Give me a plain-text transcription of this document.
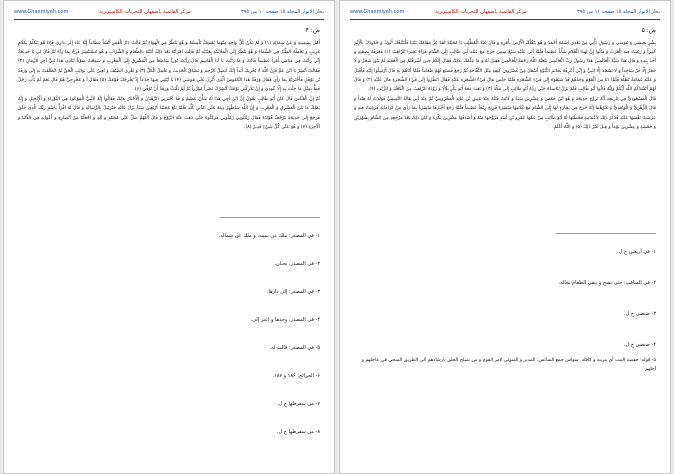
www.Ghaemiyeh.com	مركز القائمية باصفهان للتحريات الكامپيوترية	بحار الانوار المجلد ١٥ صفحة ١٠ من ٣٩٥
ص: ۴

أَمْلَ بِمِيمِينِهِ وَ عَنْ شِمَالِهِ (١) وَ لَمْ يَكُنْ كُلٌّ وَاحِدٍ مِنْهُمَا يُمْسِكُ يُلْمِسُهُ وَ هُوَ يَنْظُرُ فِي الْهَوَاءِ ثُمَّ قَالَتْ دَارُ الْقَمَرِ أَنْشَأَ عِظَاماً إِنَّهُ عَادَ إِلَى دَارِي فَإِذَا هُوَ يَتَكَلَّمُ بِكَلَامٍ غَرِيبٍ وَ يَحْمِلُهُ الطَّيْرُ فِي السَّمَاءِ وَ هُوَ يَنْظُرُ إِلَى الْمَلَائِكَةِ بِعَيْنَيْهِ ثُمَّ قَالَتِ امْرَأَتُهُ بَعْدَ ذَلِكَ أَتَيْتُهُ بِالطَّعَامِ وَ الشَّرَابِ وَ هُوَ مُسْتَبْشِرٌ فَرِحٌ بِمَا رَآهُ ثُمَّ قَالَ لِي يَا خَدِيجَةُ إِنِّي رَأَيْتُ فِي مَنَامِي أَمْراً عَظِيماً قَالَتْ وَ مَا رَأَيْتَ يَا أَبَا الْقَاسِمِ قَالَ رَأَيْتُ نُوراً سَاطِعاً مِنَ الْمَشْرِقِ إِلَى الْمَغْرِبِ وَ سَمِعْتُ صَوْتاً يُنَادِي هَذَا نَبِيُّ آخِرِ الزَّمَانِ (٢) فَقَالَتْ أَبْشِرْ يَا ابْنَ عَمِّ فَإِنَّ اللَّهَ لَا يُخْزِيكَ أَبَداً إِنَّكَ لَتَصِلُ الرَّحِمَ وَ تَصْدُقُ الْحَدِيثَ وَ تَحْمِلُ الْكَلَّ (٣) وَ تَقْرِي الضَّيْفَ وَ تُعِينُ عَلَى نَوَائِبِ الْحَقِّ ثُمَّ انْطَلَقَتْ بِهِ إِلَى وَرَقَةَ بْنِ نَوْفَلٍ فَأَخْبَرَتْهُ بِمَا رَأَى فَقَالَ وَرَقَةُ هَذَا النَّامُوسُ الَّذِي أُنْزِلَ عَلَى مُوسَى (۴) يَا لَيْتَنِي فِيهَا جَذَعاً إِذْ يُخْرِجُكَ قَوْمُكَ (۵) فَقَالَ أَ وَ مُخْرِجِيَّ هُمْ قَالَ نَعَمْ لَمْ يَأْتِ رَجُلٌ قَطُّ بِمِثْلِ مَا جِئْتَ بِهِ إِلَّا عُودِيَ وَ إِنْ يُدْرِكْنِي يَوْمُكَ أَنْصُرْكَ نَصْراً مُؤَزَّراً ثُمَّ لَمْ يَلْبَثْ وَرَقَةُ أَنْ تُوُفِّيَ (۶).

ثُمَّ إِنَّ الْعَبَّاسَ قَالَ كَانَ أَبُو طَالِبٍ يَقُولُ إِنَّ ابْنَ أَخِي هَذَا لَهُ شَأْنٌ عَظِيمٌ وَ قَدْ أَخْبَرَنِي الرُّهْبَانُ وَ الْأَحْبَارُ بِذَلِكَ فَقَالُوا إِنَّهُ النَّبِيُّ الْمَوْعُودُ فِي التَّوْرَاةِ وَ الْإِنْجِيلِ وَ إِنَّهُ يَمْلِكُ مَا بَيْنَ الْمَشْرِقِ وَ الْمَغْرِبِ وَ إِنَّ اللَّهَ سَيُظْهِرُ دِينَهُ عَلَى الدِّينِ كُلِّهِ فَلَمَّا بَلَغَ مُحَمَّدٌ أَرْبَعِينَ سَنَةً نَزَلَ عَلَيْهِ جَبْرَئِيلُ بِالرِّسَالَةِ وَ قَالَ لَهُ اقْرَأْ بِاسْمِ رَبِّكَ الَّذِي خَلَقَ فَرَجَعَ إِلَى خَدِيجَةَ يَرْجُفُ فُؤَادُهُ فَقَالَ زَمِّلُونِي زَمِّلُونِي فَزَمَّلُوهُ حَتَّى ذَهَبَ عَنْهُ الرَّوْعُ وَ قَالَ اللَّهُمَّ صَلِّ عَلَى مُحَمَّدٍ وَ آلِهِ وَ اجْعَلْنَا مِنْ أَنْصَارِهِ وَ أَعْوَانِهِ فِي الدُّنْيَا وَ الْآخِرَةِ (٧) وَ هُوَ عَلَى كُلِّ شَيْءٍ قَدِيرٌ (٨).

١- في المصدر: ملك عن يمينه، و ملك عن شماله.

٢- في المصدر: يحنان.

٣- في المصدر: إلى دارها.

۴- في المصدر: وجدها و اعتز إلى.

۵- في المصدر: قالت له.

۶- الخرائج: ١٨۶ و ١٨٧.

٧- من سقرطها خ ل.

٨- من سفرطها خ ل.

www.Ghaemiyeh.com	مركز القائمية باصفهان للتحريات الكامپيوترية	بحار الانوار المجلد ١٥ صفحة ١١ من ٣٩٥
ص: ۵

بِشْرٍ بِعِيسَى وَ مُوسَى وَ رَسُولٍ يَأْتِي مِنْ بَعْدِي اسْمُهُ أَحْمَدُ وَ هُوَ يَنْقُلُكَ الْأَرْضَ بِأَمْرِهِ وَ قَالَ عَبْدُ الْمُطَّلِبِ يَا مُحَمَّدُ لَقَدْ عَزَّ مَقَامُكَ بَيْنَنَا فَلْيُبْلِغْكَ أَبُوكَ وَ جُدُودُكَ بِالْإِثْمِ كَثِيراً وَ رَغِبَتْ فِيهِ الْعَرَبُ وَ قَالُوا إِنَّ لِهَذَا الْغُلَامِ شَأْناً عَظِيماً فَلَمَّا أَتَى عَلَيْهِ سَبْعُ سِنِينَ خَرَجَ مَعَ عَمِّهِ أَبِي طَالِبٍ إِلَى الشَّامِ فَرَآهُ بَحِيرَا الرَّاهِبُ (١) فَعَرَفَهُ بِصِفَتِهِ وَ أَخَذَ بِيَدِهِ وَ قَالَ هَذَا سَيِّدُ الْعَالَمِينَ هَذَا رَسُولُ رَبِّ الْعَالَمِينَ يَبْعَثُهُ اللَّهُ رَحْمَةً لِلْعَالَمِينَ فَقِيلَ لَهُ وَ مَا عِلْمُكَ بِذَلِكَ فَقَالَ إِنَّكُمْ حِينَ أَشْرَفْتُمْ مِنَ الْعَقَبَةِ لَمْ يَبْقَ شَجَرٌ وَ لَا حَجَرٌ إِلَّا خَرَّ سَاجِداً وَ لَا يَسْجُدُ إِلَّا لِنَبِيٍّ وَ إِنِّي أَعْرِفُهُ بِخَاتَمِ النُّبُوَّةِ أَسْفَلَ مِنْ غُضْرُوفِ كَتِفِهِ مِثْلَ التُّفَّاحَةِ ثُمَّ رَجَعَ فَصَنَعَ لَهُمْ طَعَاماً فَلَمَّا أَتَاهُمْ بِهِ قَالَ أَرْسِلُوا إِلَيْهِ فَأَقْبَلَ وَ عَلَيْهِ غَمَامَةٌ تُظِلُّهُ فَلَمَّا دَنَا مِنَ الْقَوْمِ وَجَدَهُمْ قَدْ سَبَقُوهُ إِلَى فَيْءِ الشَّجَرَةِ فَلَمَّا جَلَسَ مَالَ فَيْءُ الشَّجَرَةِ عَلَيْهِ فَقَالَ انْظُرُوا إِلَى فَيْءِ الشَّجَرَةِ مَالَ عَلَيْهِ (٢) وَ قَالَ لَهُمْ أَنْشُدُكُمُ اللَّهَ أَيُّكُمْ وَلِيُّهُ قَالُوا أَبُو طَالِبٍ فَلَمْ يَزَلْ يُنَاشِدُهُ حَتَّى رَدَّهُ أَبُو طَالِبٍ إِلَى مَكَّةَ (٣) وَ بَعَثَ مَعَهُ أَبُو بَكْرٍ بِلَالًا وَ زَوَّدَهُ الرَّاهِبُ مِنَ الْكَعْكِ وَ الزَّيْتِ (۴).

قَالَ الْمَسْعُودِيُّ فِي تَارِيخِهِ أَنَّهُ تَزَوَّجَ خَدِيجَةَ وَ هُوَ ابْنُ خَمْسٍ وَ عِشْرِينَ سَنَةً وَ كَانَتْ قَبْلَهُ عِنْدَ عَتِيقِ بْنِ عَائِذٍ الْمَخْزُومِيِّ ثُمَّ عِنْدَ أَبِي هَالَةَ التَّمِيمِيِّ فَوَلَدَتْ لَهُ هِنْداً وَ قَالَ الزُّهْرِيُّ وَ الْوَاقِدِيُّ وَ غَيْرُهُمَا إِنَّهُ خَرَجَ فِي تِجَارَةٍ لَهَا إِلَى الشَّامِ مَعَ غُلَامِهَا مَيْسَرَةَ فَرَبِحَ رِبْحاً عَظِيماً فَلَمَّا رَجَعَ أَخْبَرَهَا مَيْسَرَةُ بِمَا رَأَى مِنْ كَرَامَاتِهِ فَرَغِبَتْ فِيهِ وَ عَرَضَتْ نَفْسَهَا عَلَيْهِ فَذَكَرَ ذَلِكَ لِأَعْمَامِهِ فَخَطَبَهَا لَهُ أَبُو طَالِبٍ مِنْ عَمِّهَا عَمْرِو بْنِ أَسَدٍ فَزَوَّجَهَا مِنْهُ وَ أَصْدَقَهَا عِشْرِينَ بَكْرَةً وَ كَانَ ذَلِكَ بَعْدَ مَرْجِعِهِ مِنَ الشَّامِ بِشَهْرَيْنِ وَ خَمْسَةٍ وَ عِشْرِينَ يَوْماً وَ قِيلَ غَيْرُ ذَلِكَ (۵) وَ اللَّهُ أَعْلَمُ.

١- في أربعين خ ل.

٢- في المناقب: حتى نشح و بيقي الطعام بحاله.

٣- ضنضي خ ل.

۴- ضنضي خ ل.

۵- قوله: حفصة البيت أي مربيه و كافله. سواس جمع السائس: المدير و المتولى لامر القوم و من يصلح الخلق بارشادهم الى الطريق المنجي في عاجلهم و آجلهم.
